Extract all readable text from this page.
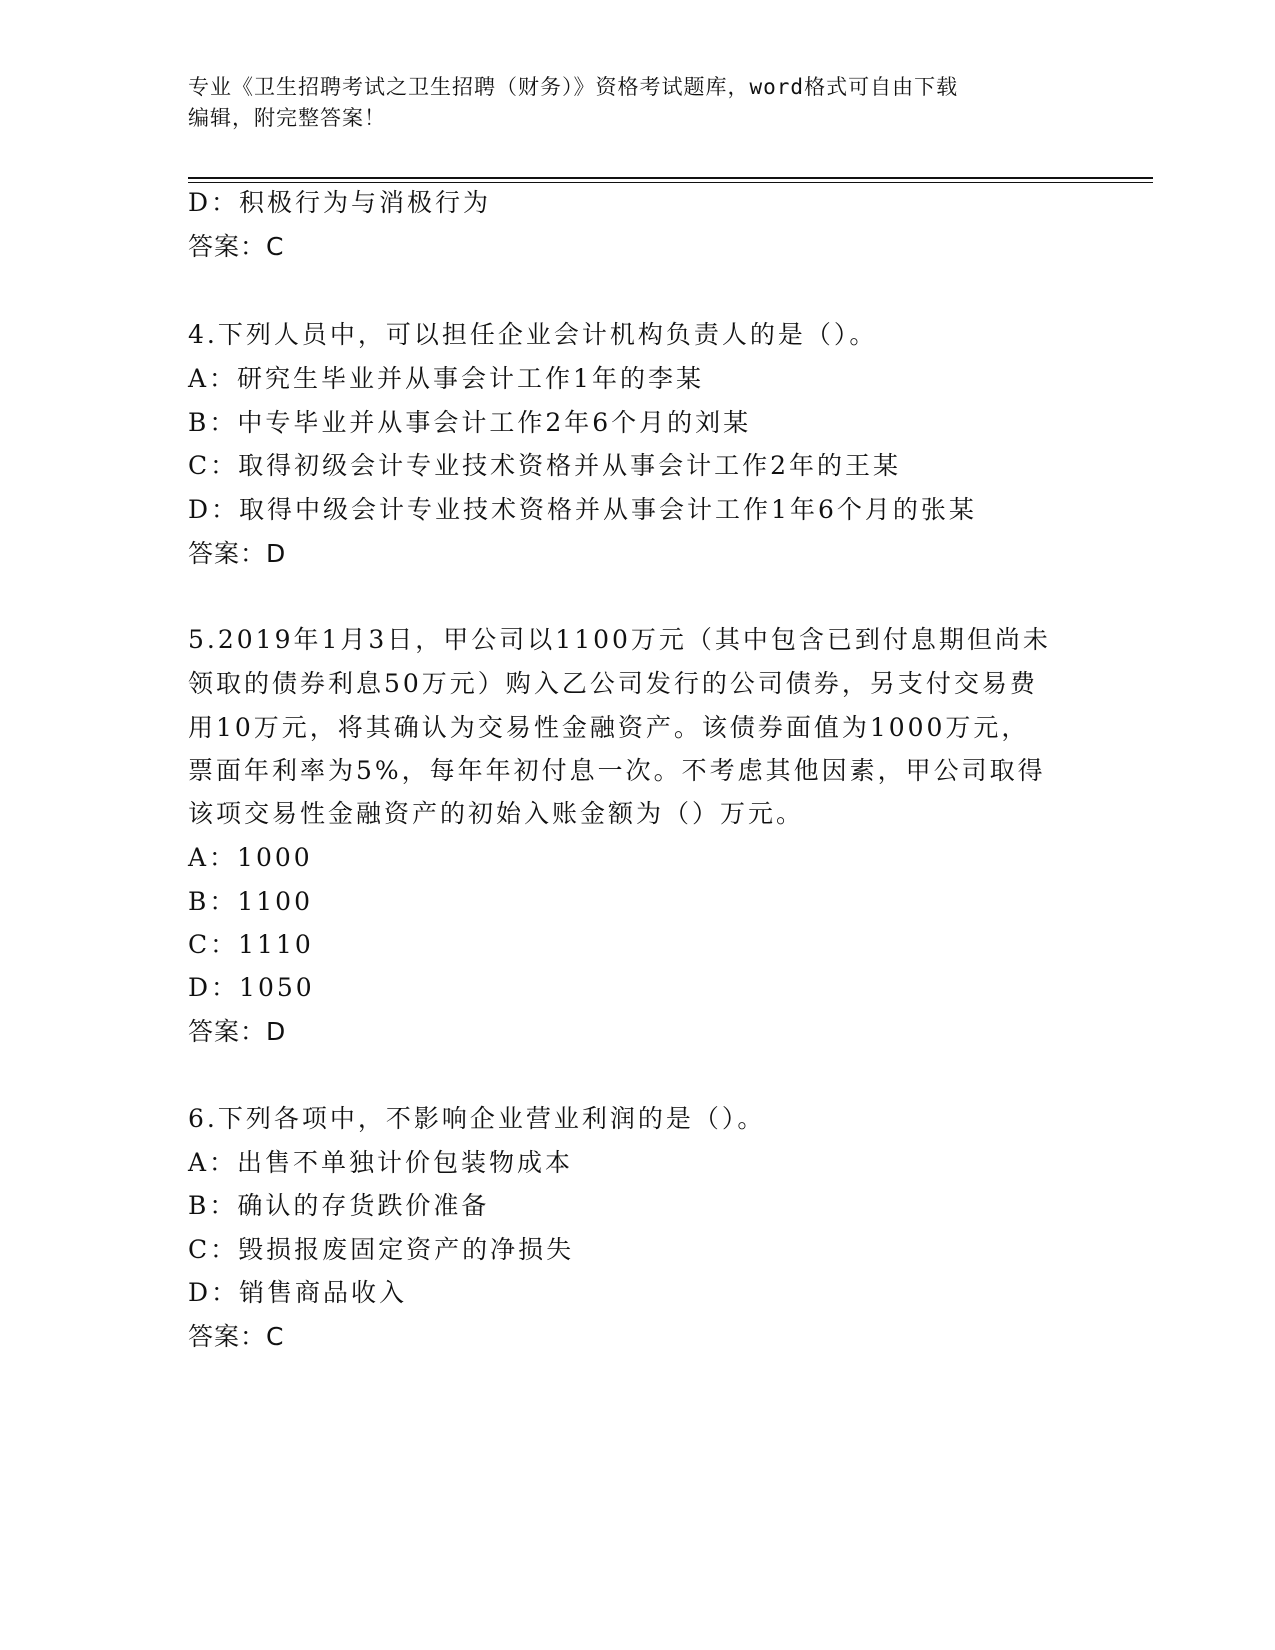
专业《卫生招聘考试之卫生招聘（财务）》资格考试题库，word格式可自由下载
编辑，附完整答案！
D：积极行为与消极行为
答案：C
4.下列人员中，可以担任企业会计机构负责人的是（）。
A：研究生毕业并从事会计工作1年的李某
B：中专毕业并从事会计工作2年6个月的刘某
C：取得初级会计专业技术资格并从事会计工作2年的王某
D：取得中级会计专业技术资格并从事会计工作1年6个月的张某
答案：D
5.2019年1月3日，甲公司以1100万元（其中包含已到付息期但尚未
领取的债券利息50万元）购入乙公司发行的公司债券，另支付交易费
用10万元，将其确认为交易性金融资产。该债券面值为1000万元，
票面年利率为5%，每年年初付息一次。不考虑其他因素，甲公司取得
该项交易性金融资产的初始入账金额为（）万元。
A：1000
B：1100
C：1110
D：1050
答案：D
6.下列各项中，不影响企业营业利润的是（）。
A：出售不单独计价包装物成本
B：确认的存货跌价准备
C：毁损报废固定资产的净损失
D：销售商品收入
答案：C
